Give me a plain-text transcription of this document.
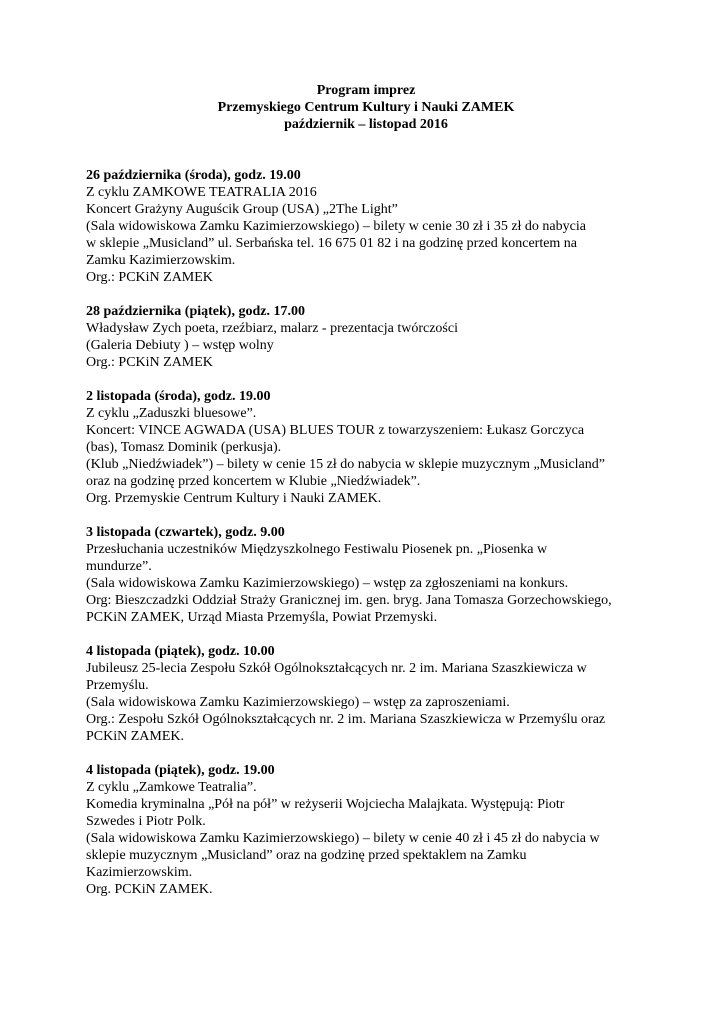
Program imprez
Przemyskiego Centrum Kultury i Nauki ZAMEK
październik – listopad 2016
26 października (środa), godz. 19.00
Z cyklu ZAMKOWE TEATRALIA 2016
Koncert Grażyny Auguścik Group (USA) „2The Light”
(Sala widowiskowa Zamku Kazimierzowskiego) – bilety w cenie 30 zł i 35 zł do nabycia
w sklepie „Musicland” ul. Serbańska tel. 16 675 01 82 i na godzinę przed koncertem na
Zamku Kazimierzowskim.
Org.: PCKiN ZAMEK
28 października (piątek), godz. 17.00
Władysław Zych poeta, rzeźbiarz, malarz - prezentacja twórczości
(Galeria Debiuty ) – wstęp wolny
Org.: PCKiN ZAMEK
2 listopada (środa), godz. 19.00
Z cyklu „Zaduszki bluesowe”.
Koncert: VINCE AGWADA (USA) BLUES TOUR z towarzyszeniem: Łukasz Gorczyca
(bas), Tomasz Dominik (perkusja).
(Klub „Niedźwiadek”) – bilety w cenie 15 zł do nabycia w sklepie muzycznym „Musicland”
oraz na godzinę przed koncertem w Klubie „Niedźwiadek”.
Org. Przemyskie Centrum Kultury i Nauki ZAMEK.
3 listopada (czwartek), godz. 9.00
Przesłuchania uczestników Międzyszkolnego Festiwalu Piosenek pn. „Piosenka w
mundurze”.
(Sala widowiskowa Zamku Kazimierzowskiego) – wstęp za zgłoszeniami na konkurs.
Org: Bieszczadzki Oddział Straży Granicznej im. gen. bryg. Jana Tomasza Gorzechowskiego,
PCKiN ZAMEK, Urząd Miasta Przemyśla, Powiat Przemyski.
4 listopada (piątek), godz. 10.00
Jubileusz 25-lecia Zespołu Szkół Ogólnokształcących nr. 2 im. Mariana Szaszkiewicza w
Przemyślu.
(Sala widowiskowa Zamku Kazimierzowskiego) – wstęp za zaproszeniami.
Org.: Zespołu Szkół Ogólnokształcących nr. 2 im. Mariana Szaszkiewicza w Przemyślu oraz
PCKiN ZAMEK.
4 listopada (piątek), godz. 19.00
Z cyklu „Zamkowe Teatralia”.
Komedia kryminalna „Pół na pół” w reżyserii Wojciecha Malajkata. Występują: Piotr
Szwedes i Piotr Polk.
(Sala widowiskowa Zamku Kazimierzowskiego) – bilety w cenie 40 zł i 45 zł do nabycia w
sklepie muzycznym „Musicland” oraz na godzinę przed spektaklem na Zamku
Kazimierzowskim.
Org. PCKiN ZAMEK.
